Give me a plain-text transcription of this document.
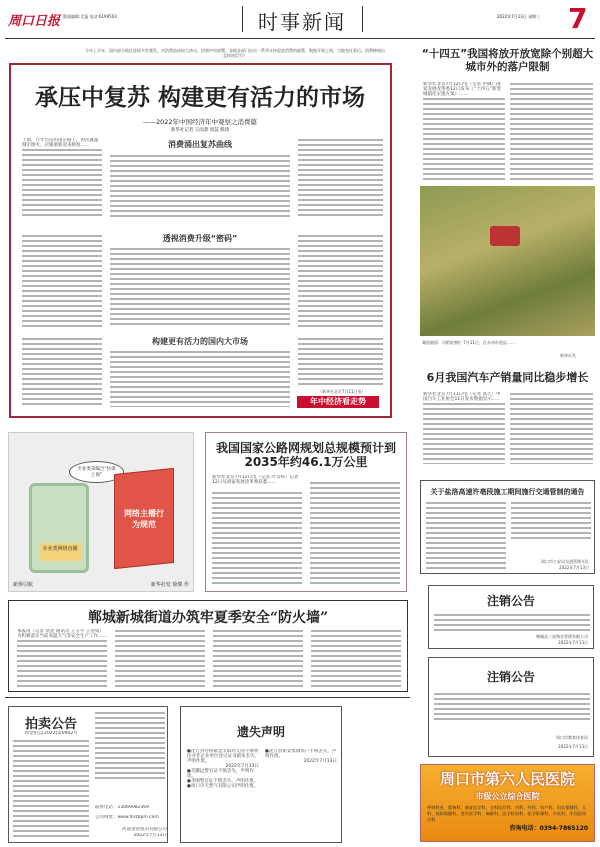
周口日报 版面编辑:尤磊 电话:6199503	时事新闻	2022年7月13日 星期三 7
今年上半年，国内部分地区疫情多发频发，对消费造成较大冲击。招商中央部署，各地各部门出台一系列支持促进消费的政策。数据开展之间，当地变化看后，消费释放出怎样的信号？
承压中复苏 构建更有活力的市场
——2022年中国经济年中观察之消费篇
新华社记者 王雨萧 周蕊 熊琦
上海，百年历史的南京路上，再次氤氲城市烟火，店铺重新迎来顾客……	消费涌出复苏曲线
透视消费升级“密码”
构建更有活力的国内大市场
（新华社北京7月11日电）
年中经济看走势
专业类网络直播
专业类采编岂“仿谈上岗”
网络主播行为规范
新规引航	新华社发 徐骏 作
我国国家公路网规划总规模预计到2035年约46.1万公里
新华社北京7月12日电（记者 叶昊鸣）记者12日从国家发展改革委获悉……
郸城新城街道办筑牢夏季安全“防火墙”
本报讯（记者 翁金 通讯员 王玉平 王进成）为积极落实当前高温天气等安全生产工作……
拍卖公告
周金拍公[2022]第0902号
联系电话：13069082369
公司网址：www.hnzbpm.com
河南金帝拍卖有限公司
2022年7月13日
遗失声明

●沈丘县付桥镇金太阳幼儿园不慎将民办非企业单位登记证书副本丢失，声明作废。

2022年7月13日

●毛鹏远警官证不慎丢失，声明作废。

●李刚警官证不慎丢失，声明作废。

●周口市天然气有限公司声明作废。

●沈丘县新安集镇农户不慎丢失，声明作废。

2022年7月13日

“十四五”我国将放开放宽除个别超大城市外的落户限制
新华社北京7月12日电（记者 申铖）国家发展改革委12日发布《“十四五”新型城镇化实施方案》……
凝固画面：早稻收割忙 7月11日，在永州市道县……
新华社发
6月我国汽车产销量同比稳步增长
新华社北京7月11日电（记者 高天）中国汽车工业协会11日发布数据显示……
关于盐洛高速许亳段施工期间施行交通管制的通告
周口市公安局交通管理支队
2022年7月13日
注销公告
郸城县三星物业管理有限公司
2022年7月13日
注销公告
周口市教育体育局
2022年7月13日
周口市第六人民医院
市级公立综合医院
呼吸科室、精神科、康复医学科、全科医疗科、内科、外科、妇产科、妇女保健科、儿科、预防保健科、老年医学科、麻醉科、医学检验科、医学影像科、中医科、中西医结合科
咨询电话：0394-7865120
